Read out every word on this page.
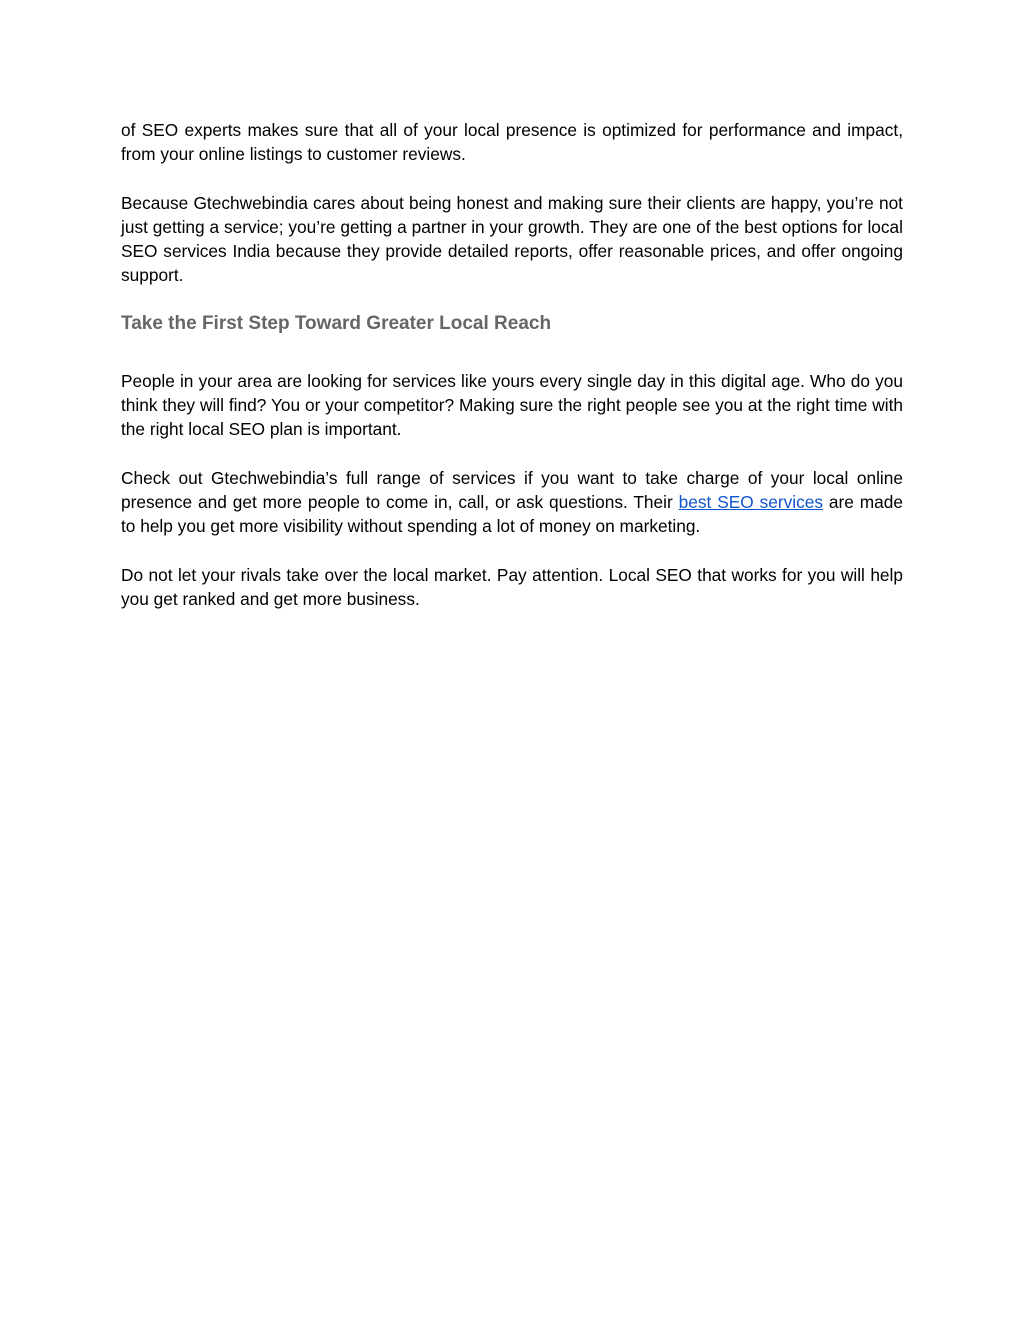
of SEO experts makes sure that all of your local presence is optimized for performance and impact, from your online listings to customer reviews.

Because Gtechwebindia cares about being honest and making sure their clients are happy, you’re not just getting a service; you’re getting a partner in your growth. They are one of the best options for local SEO services India because they provide detailed reports, offer reasonable prices, and offer ongoing support.

Take the First Step Toward Greater Local Reach

People in your area are looking for services like yours every single day in this digital age. Who do you think they will find? You or your competitor? Making sure the right people see you at the right time with the right local SEO plan is important.

Check out Gtechwebindia’s full range of services if you want to take charge of your local online presence and get more people to come in, call, or ask questions. Their best SEO services are made to help you get more visibility without spending a lot of money on marketing.

Do not let your rivals take over the local market. Pay attention. Local SEO that works for you will help you get ranked and get more business.
